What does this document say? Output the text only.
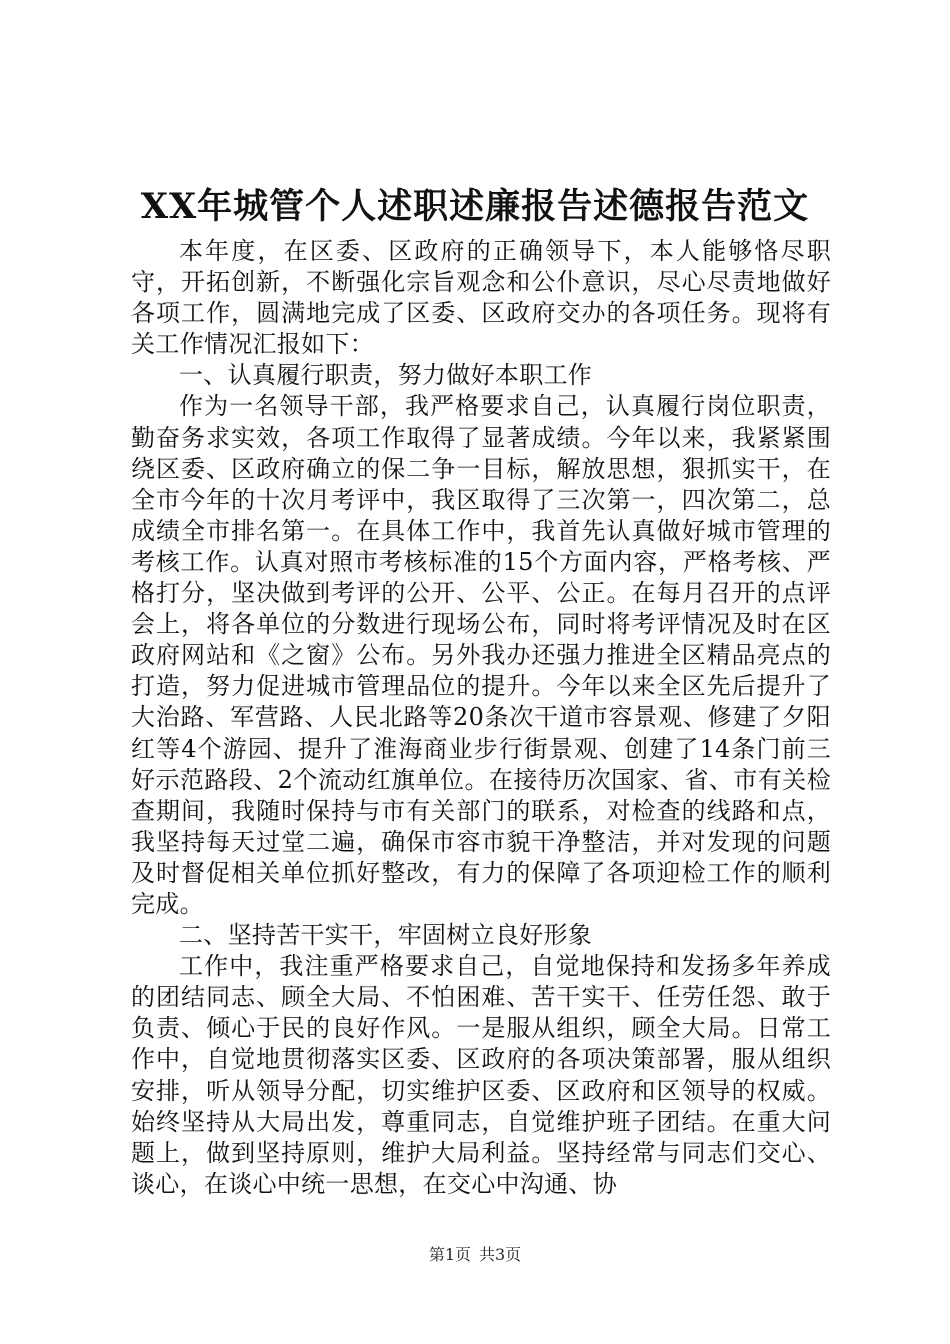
XX年城管个人述职述廉报告述德报告范文

本年度，在区委、区政府的正确领导下，本人能够恪尽职守，开拓创新，不断强化宗旨观念和公仆意识，尽心尽责地做好各项工作，圆满地完成了区委、区政府交办的各项任务。现将有关工作情况汇报如下：

一、认真履行职责，努力做好本职工作

作为一名领导干部，我严格要求自己，认真履行岗位职责，勤奋务求实效，各项工作取得了显著成绩。今年以来，我紧紧围绕区委、区政府确立的保二争一目标，解放思想，狠抓实干，在全市今年的十次月考评中，我区取得了三次第一，四次第二，总成绩全市排名第一。在具体工作中，我首先认真做好城市管理的考核工作。认真对照市考核标准的15个方面内容，严格考核、严格打分，坚决做到考评的公开、公平、公正。在每月召开的点评会上，将各单位的分数进行现场公布，同时将考评情况及时在区政府网站和《之窗》公布。另外我办还强力推进全区精品亮点的打造，努力促进城市管理品位的提升。今年以来全区先后提升了大治路、军营路、人民北路等20条次干道市容景观、修建了夕阳红等4个游园、提升了淮海商业步行街景观、创建了14条门前三好示范路段、2个流动红旗单位。在接待历次国家、省、市有关检查期间，我随时保持与市有关部门的联系，对检查的线路和点，我坚持每天过堂二遍，确保市容市貌干净整洁，并对发现的问题及时督促相关单位抓好整改，有力的保障了各项迎检工作的顺利完成。

二、坚持苦干实干，牢固树立良好形象

工作中，我注重严格要求自己，自觉地保持和发扬多年养成的团结同志、顾全大局、不怕困难、苦干实干、任劳任怨、敢于负责、倾心于民的良好作风。一是服从组织，顾全大局。日常工作中，自觉地贯彻落实区委、区政府的各项决策部署，服从组织安排，听从领导分配，切实维护区委、区政府和区领导的权威。始终坚持从大局出发，尊重同志，自觉维护班子团结。在重大问题上，做到坚持原则，维护大局利益。坚持经常与同志们交心、谈心，在谈心中统一思想，在交心中沟通、协

第1页 共3页
